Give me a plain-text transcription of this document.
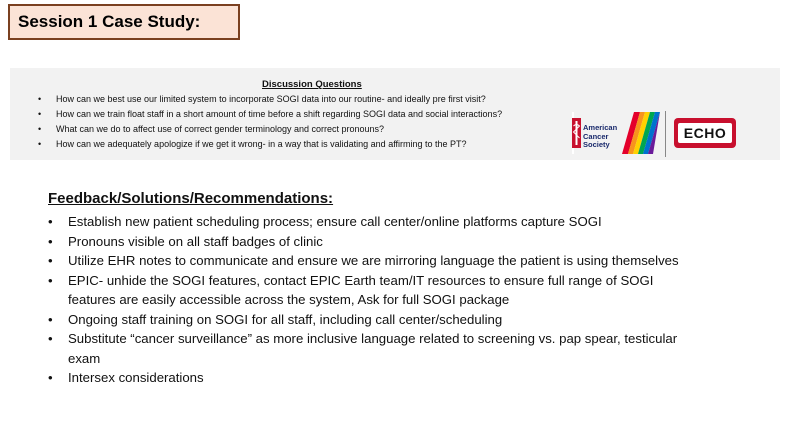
Session 1 Case Study:
Discussion Questions
• How can we best use our limited system to incorporate SOGI data into our routine- and ideally pre first visit?
• How can we train float staff in a short amount of time before a shift regarding SOGI data and social interactions?
• What can we do to affect use of correct gender terminology and correct pronouns?
• How can we adequately apologize if we get it wrong- in a way that is validating and affirming to the PT?
American
Cancer
Society
ECHO
Feedback/Solutions/Recommendations:
• Establish new patient scheduling process; ensure call center/online platforms capture SOGI
• Pronouns visible on all staff badges of clinic
• Utilize EHR notes to communicate and ensure we are mirroring language the patient is using themselves
• EPIC- unhide the SOGI features, contact EPIC Earth team/IT resources to ensure full range of SOGI features are easily accessible across the system, Ask for full SOGI package
• Ongoing staff training on SOGI for all staff, including call center/scheduling
• Substitute “cancer surveillance” as more inclusive language related to screening vs. pap spear, testicular exam
• Intersex considerations
